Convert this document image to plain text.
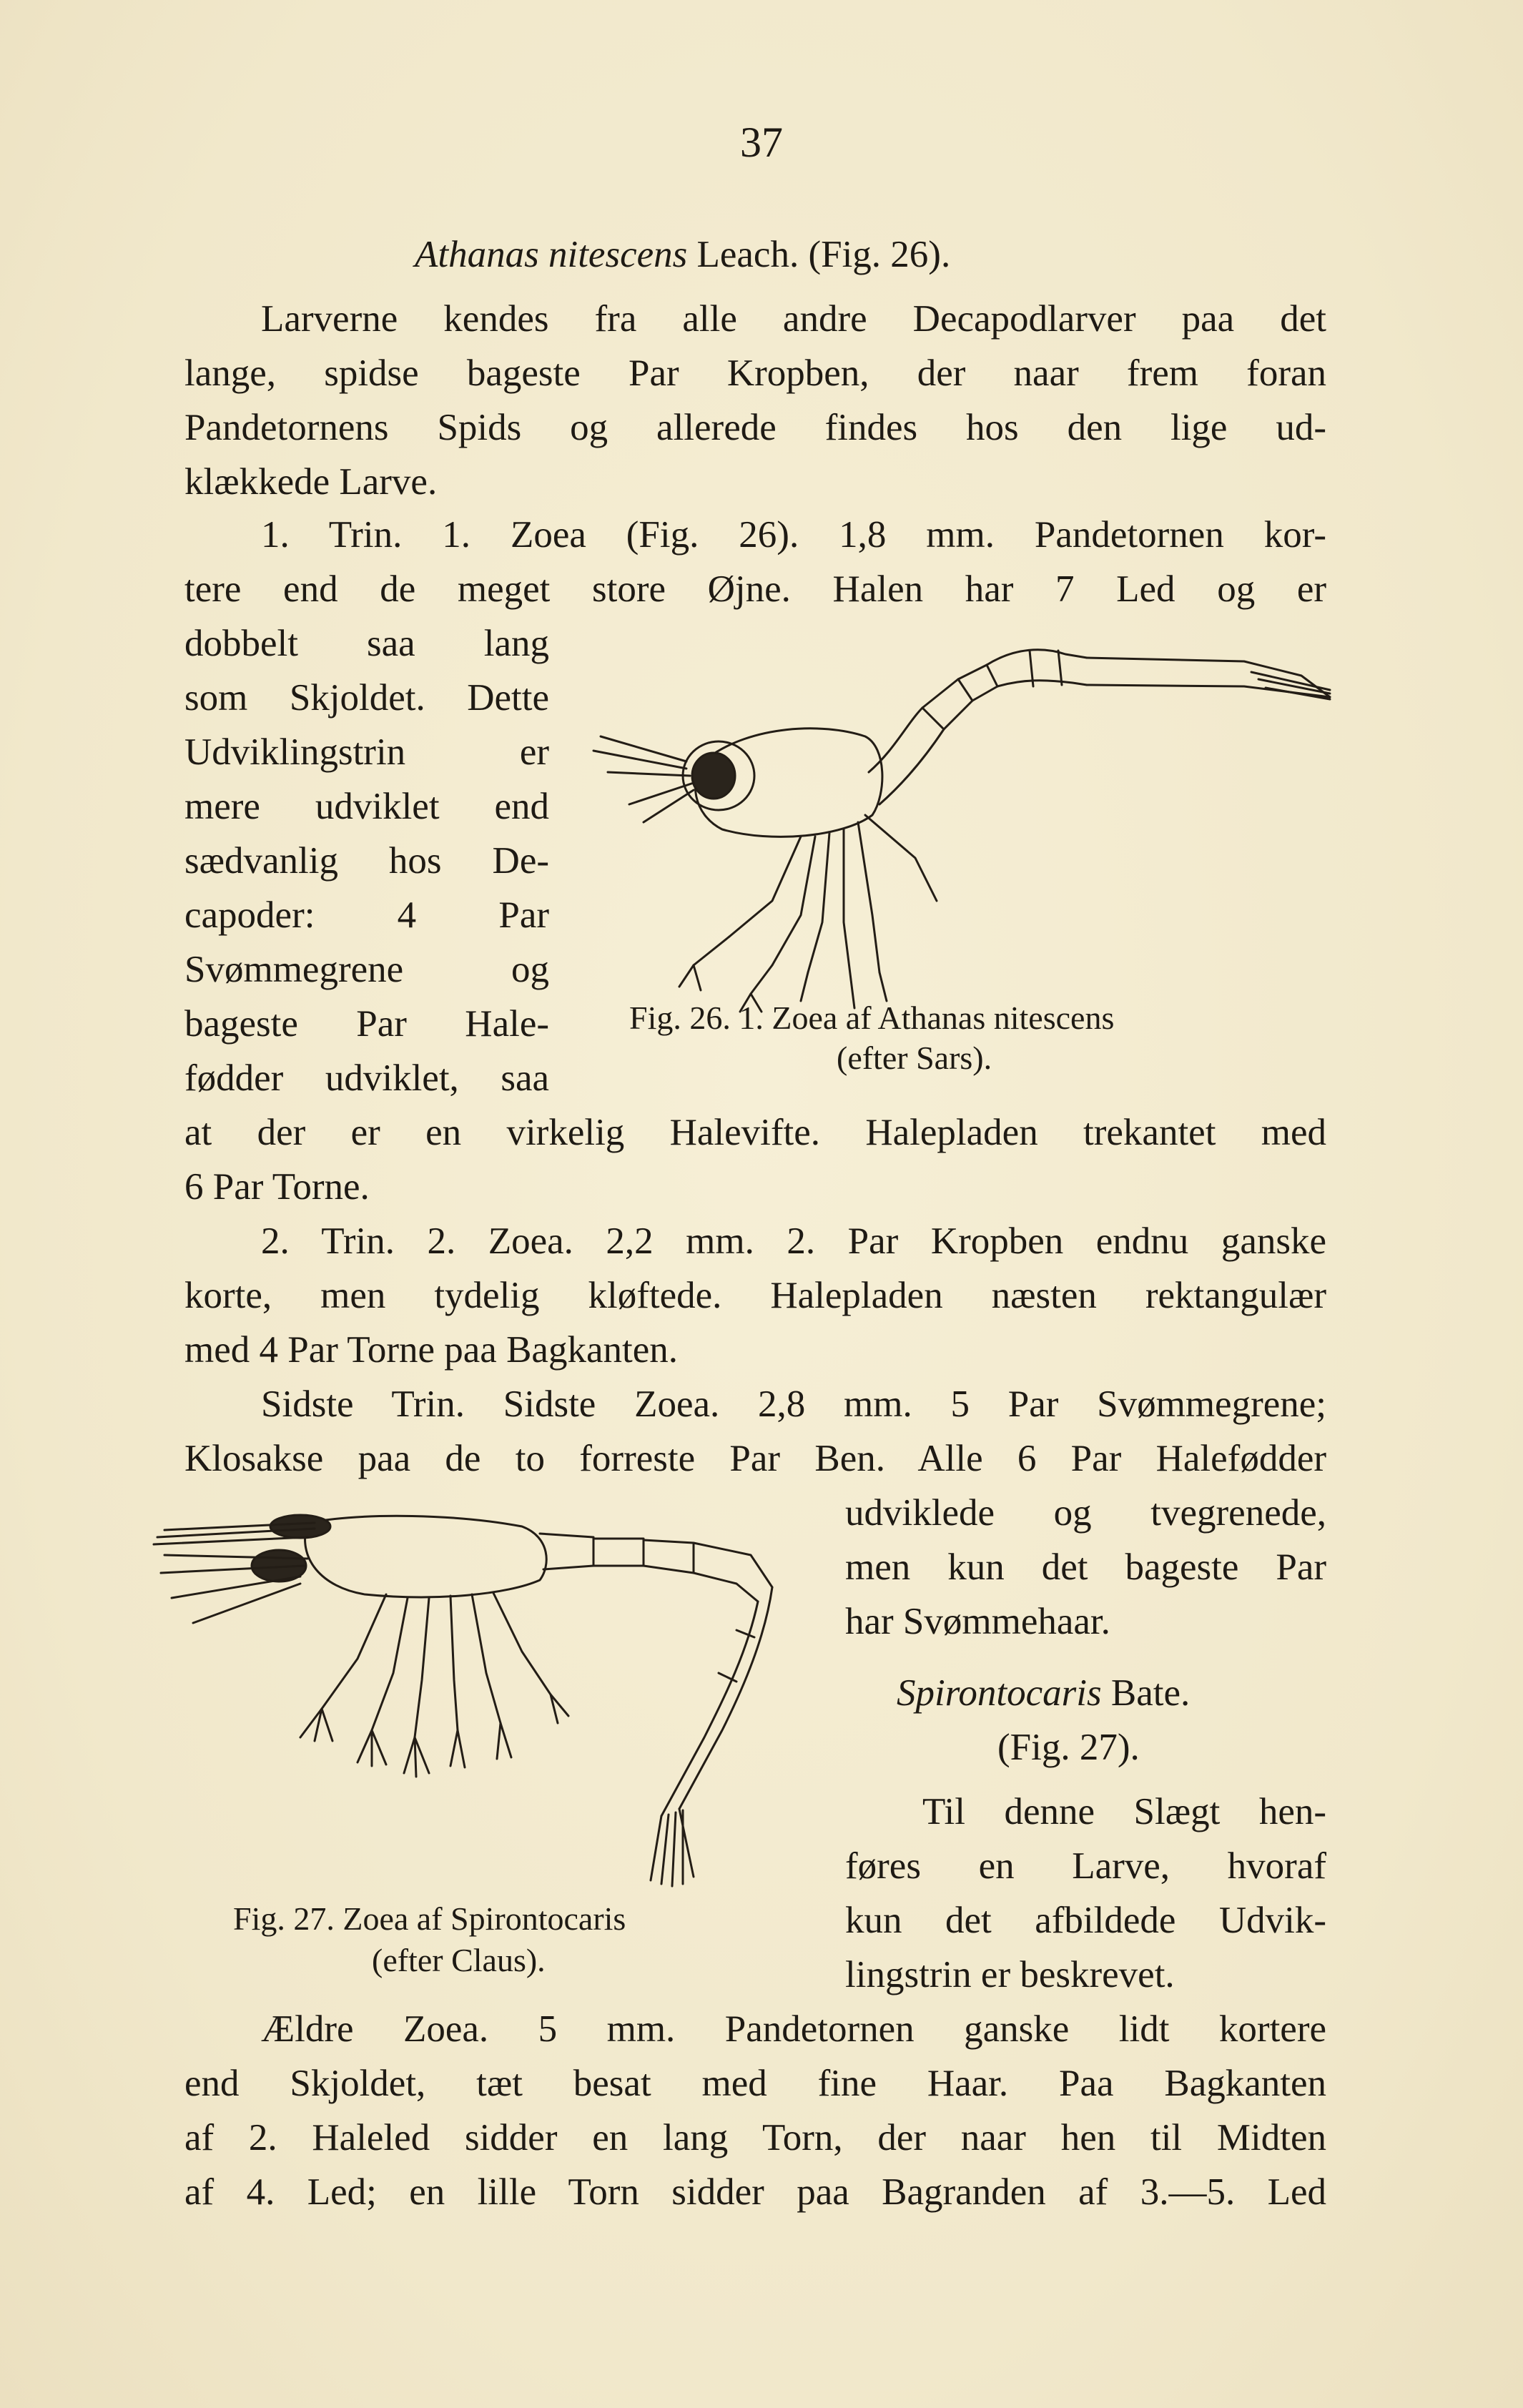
37
Athanas nitescens Leach. (Fig. 26).
Larverne kendes fra alle andre Decapodlarver paa det
lange, spidse bageste Par Kropben, der naar frem foran
Pandetornens Spids og allerede findes hos den lige ud-
klækkede Larve.
1. Trin. 1. Zoea (Fig. 26). 1,8 mm. Pandetornen kor-
tere end de meget store Øjne. Halen har 7 Led og er
dobbelt saa lang
som Skjoldet. Dette
Udviklingstrin er
mere udviklet end
sædvanlig hos De-
capoder: 4 Par
Svømmegrene og
bageste Par Hale-
fødder udviklet, saa
Fig. 26. 1. Zoea af Athanas nitescens
(efter Sars).
at der er en virkelig Halevifte. Halepladen trekantet med
6 Par Torne.
2. Trin. 2. Zoea. 2,2 mm. 2. Par Kropben endnu ganske
korte, men tydelig kløftede. Halepladen næsten rektangulær
med 4 Par Torne paa Bagkanten.
Sidste Trin. Sidste Zoea. 2,8 mm. 5 Par Svømmegrene;
Klosakse paa de to forreste Par Ben. Alle 6 Par Halefødder
udviklede og tvegrenede,
men kun det bageste Par
har Svømmehaar.
Spirontocaris Bate.
(Fig. 27).
Til denne Slægt hen-
føres en Larve, hvoraf
kun det afbildede Udvik-
lingstrin er beskrevet.
Fig. 27. Zoea af Spirontocaris
(efter Claus).
Ældre Zoea. 5 mm. Pandetornen ganske lidt kortere
end Skjoldet, tæt besat med fine Haar. Paa Bagkanten
af 2. Haleled sidder en lang Torn, der naar hen til Midten
af 4. Led; en lille Torn sidder paa Bagranden af 3.—5. Led
